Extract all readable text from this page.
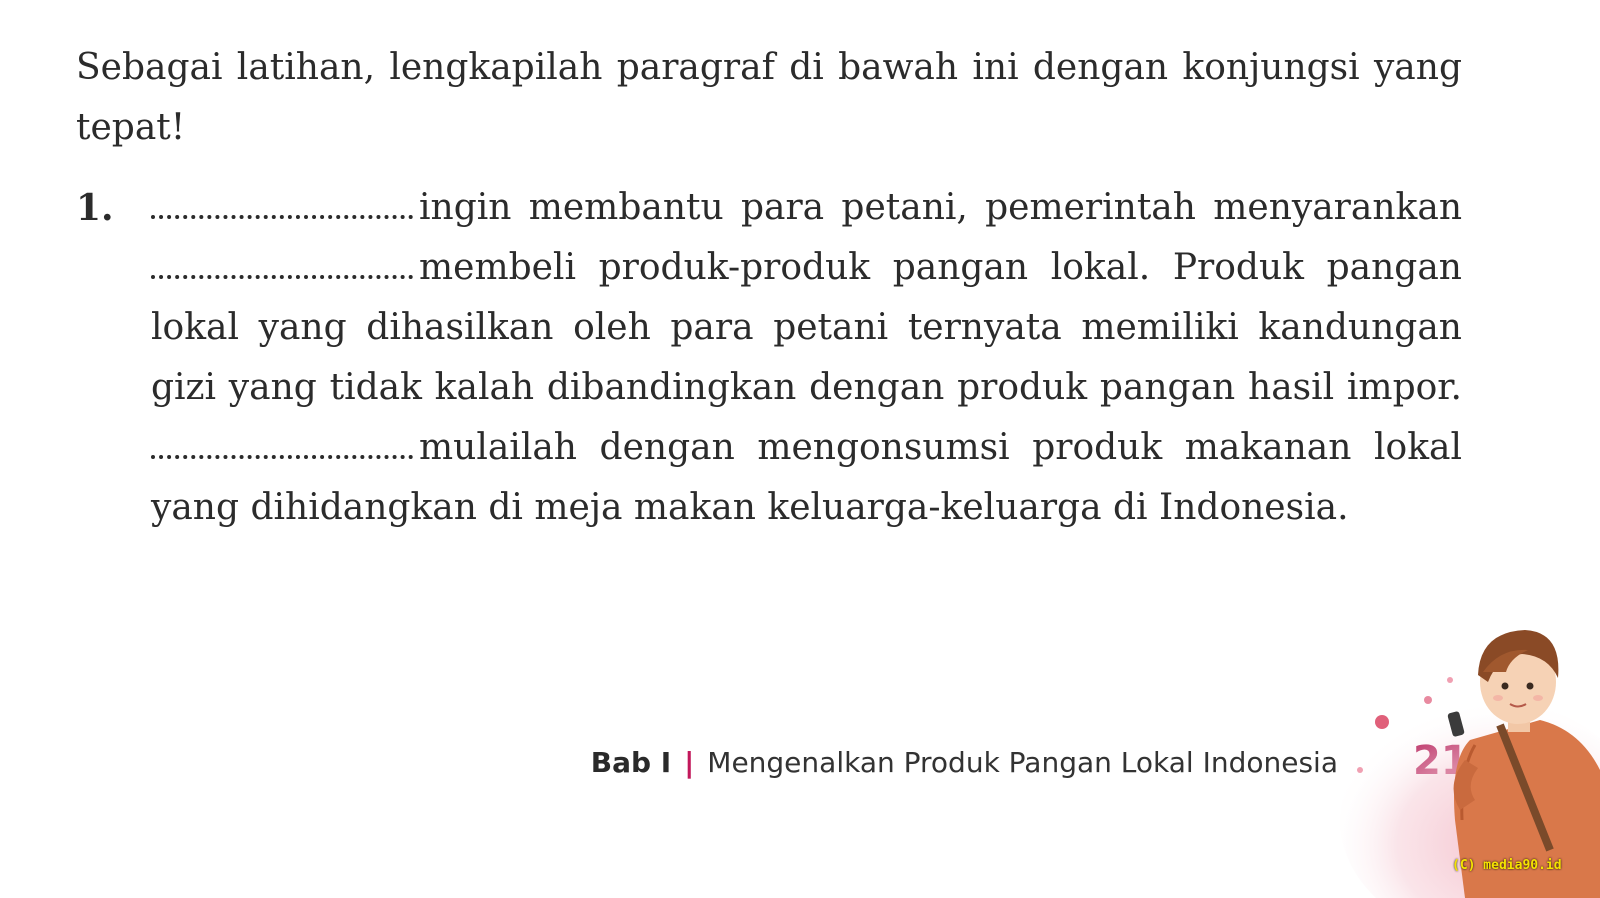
Sebagai latihan, lengkapilah paragraf di bawah ini dengan konjungsi yang tepat!

1.	ingin membantu para petani, pemerintah menyarankan membeli produk-produk pangan lokal. Produk pangan lokal yang dihasilkan oleh para petani ternyata memiliki kandungan gizi yang tidak kalah dibandingkan dengan produk pangan hasil impor. mulailah dengan mengonsumsi produk makanan lokal yang dihidangkan di meja makan keluarga-keluarga di Indonesia.

Bab I | Mengenalkan Produk Pangan Lokal Indonesia
(C) media90.id
